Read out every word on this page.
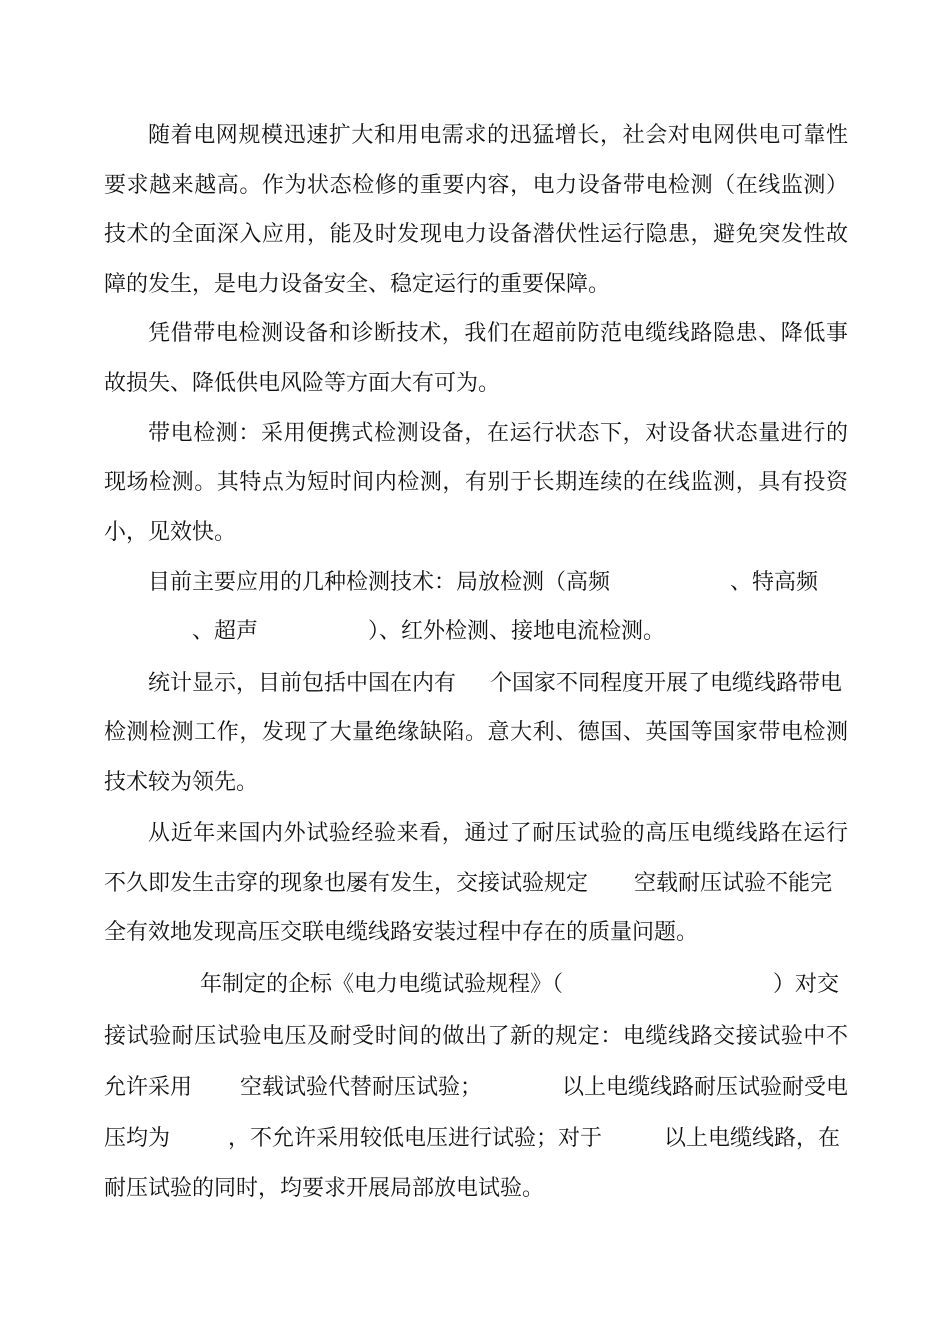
随着电网规模迅速扩大和用电需求的迅猛增长，社会对电网供电可靠性

要求越来越高。作为状态检修的重要内容，电力设备带电检测（在线监测）

技术的全面深入应用，能及时发现电力设备潜伏性运行隐患，避免突发性故

障的发生，是电力设备安全、稳定运行的重要保障。

凭借带电检测设备和诊断技术，我们在超前防范电缆线路隐患、降低事

故损失、降低供电风险等方面大有可为。

带电检测：采用便携式检测设备，在运行状态下，对设备状态量进行的

现场检测。其特点为短时间内检测，有别于长期连续的在线监测，具有投资

小，见效快。

目前主要应用的几种检测技术：局放检测（高频	、特高频
、超声	）、红外检测、接地电流检测。
统计显示，目前包括中国在内有 个国家不同程度开展了电缆线路带电

检测检测工作，发现了大量绝缘缺陷。意大利、德国、英国等国家带电检测

技术较为领先。

从近年来国内外试验经验来看，通过了耐压试验的高压电缆线路在运行

不久即发生击穿的现象也屡有发生，交接试验规定 空载耐压试验不能完

全有效地发现高压交联电缆线路安装过程中存在的质量问题。

年制定的企标《电力电缆试验规程》（	）对交

接试验耐压试验电压及耐受时间的做出了新的规定：电缆线路交接试验中不

允许采用 空载试验代替耐压试验；	以上电缆线路耐压试验耐受电
压均为	，不允许采用较低电压进行试验；对于	以上电缆线路，在

耐压试验的同时，均要求开展局部放电试验。
